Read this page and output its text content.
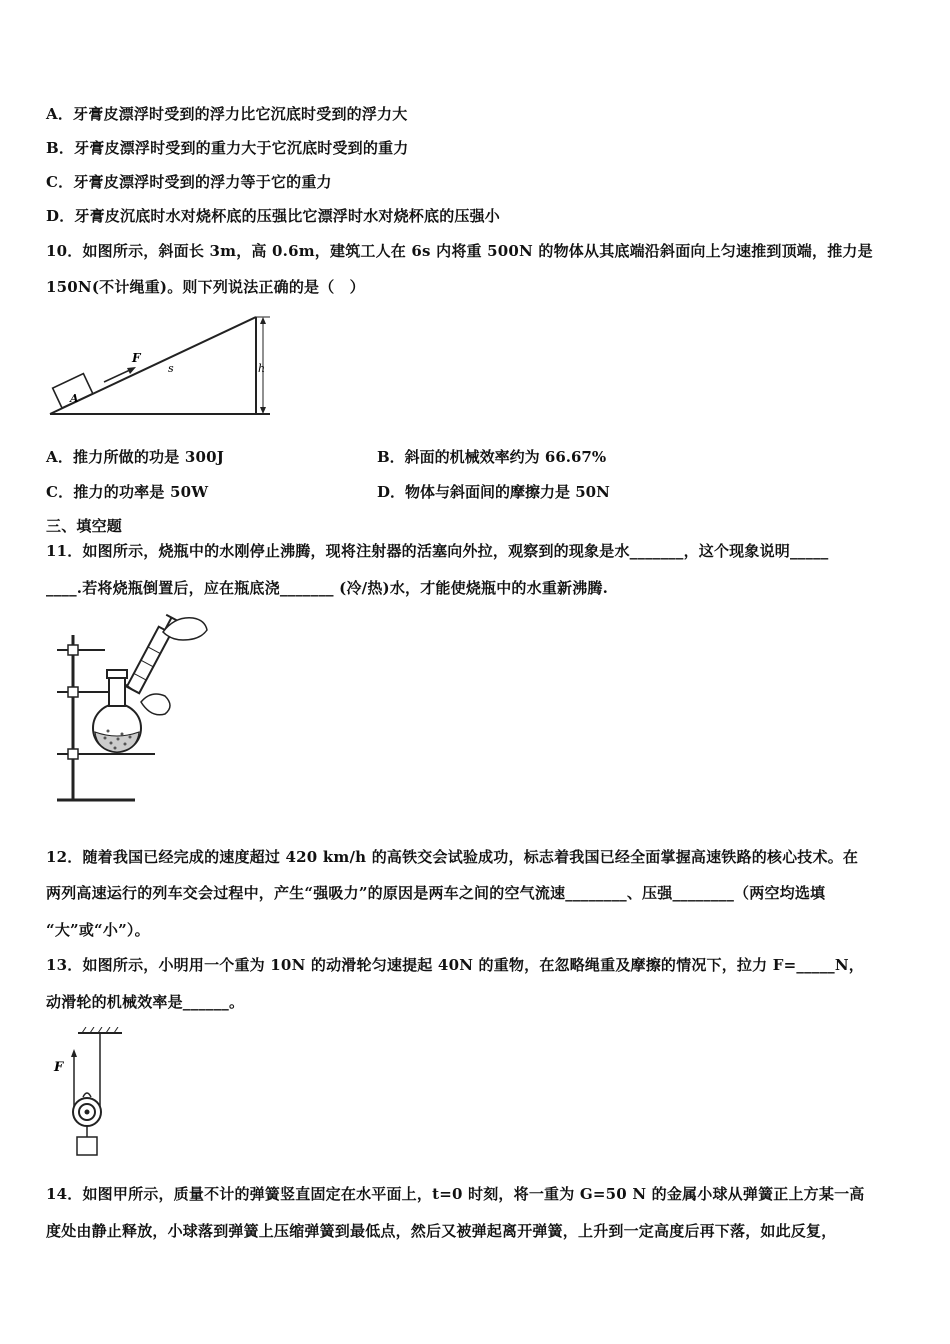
A．牙膏皮漂浮时受到的浮力比它沉底时受到的浮力大
B．牙膏皮漂浮时受到的重力大于它沉底时受到的重力
C．牙膏皮漂浮时受到的浮力等于它的重力
D．牙膏皮沉底时水对烧杯底的压强比它漂浮时水对烧杯底的压强小
10．如图所示，斜面长 3m，高 0.6m，建筑工人在 6s 内将重 500N 的物体从其底端沿斜面向上匀速推到顶端，推力是
150N(不计绳重)。则下列说法正确的是（　）
A
F
s	h
A．推力所做的功是 300J	B．斜面的机械效率约为 66.67%
C．推力的功率是 50W	D．物体与斜面间的摩擦力是 50N
三、填空题
11．如图所示，烧瓶中的水刚停止沸腾，现将注射器的活塞向外拉，观察到的现象是水_______，这个现象说明_____
____.若将烧瓶倒置后，应在瓶底浇_______ (冷/热)水，才能使烧瓶中的水重新沸腾.
12．随着我国已经完成的速度超过 420 km/h 的高铁交会试验成功，标志着我国已经全面掌握高速铁路的核心技术。在
两列高速运行的列车交会过程中，产生“强吸力”的原因是两车之间的空气流速________、压强________（两空均选填
“大”或“小”）。
13．如图所示，小明用一个重为 10N 的动滑轮匀速提起 40N 的重物，在忽略绳重及摩擦的情况下，拉力 F=_____N，
动滑轮的机械效率是______。
F
14．如图甲所示，质量不计的弹簧竖直固定在水平面上，t=0 时刻，将一重为 G=50 N 的金属小球从弹簧正上方某一高
度处由静止释放，小球落到弹簧上压缩弹簧到最低点，然后又被弹起离开弹簧，上升到一定高度后再下落，如此反复，
